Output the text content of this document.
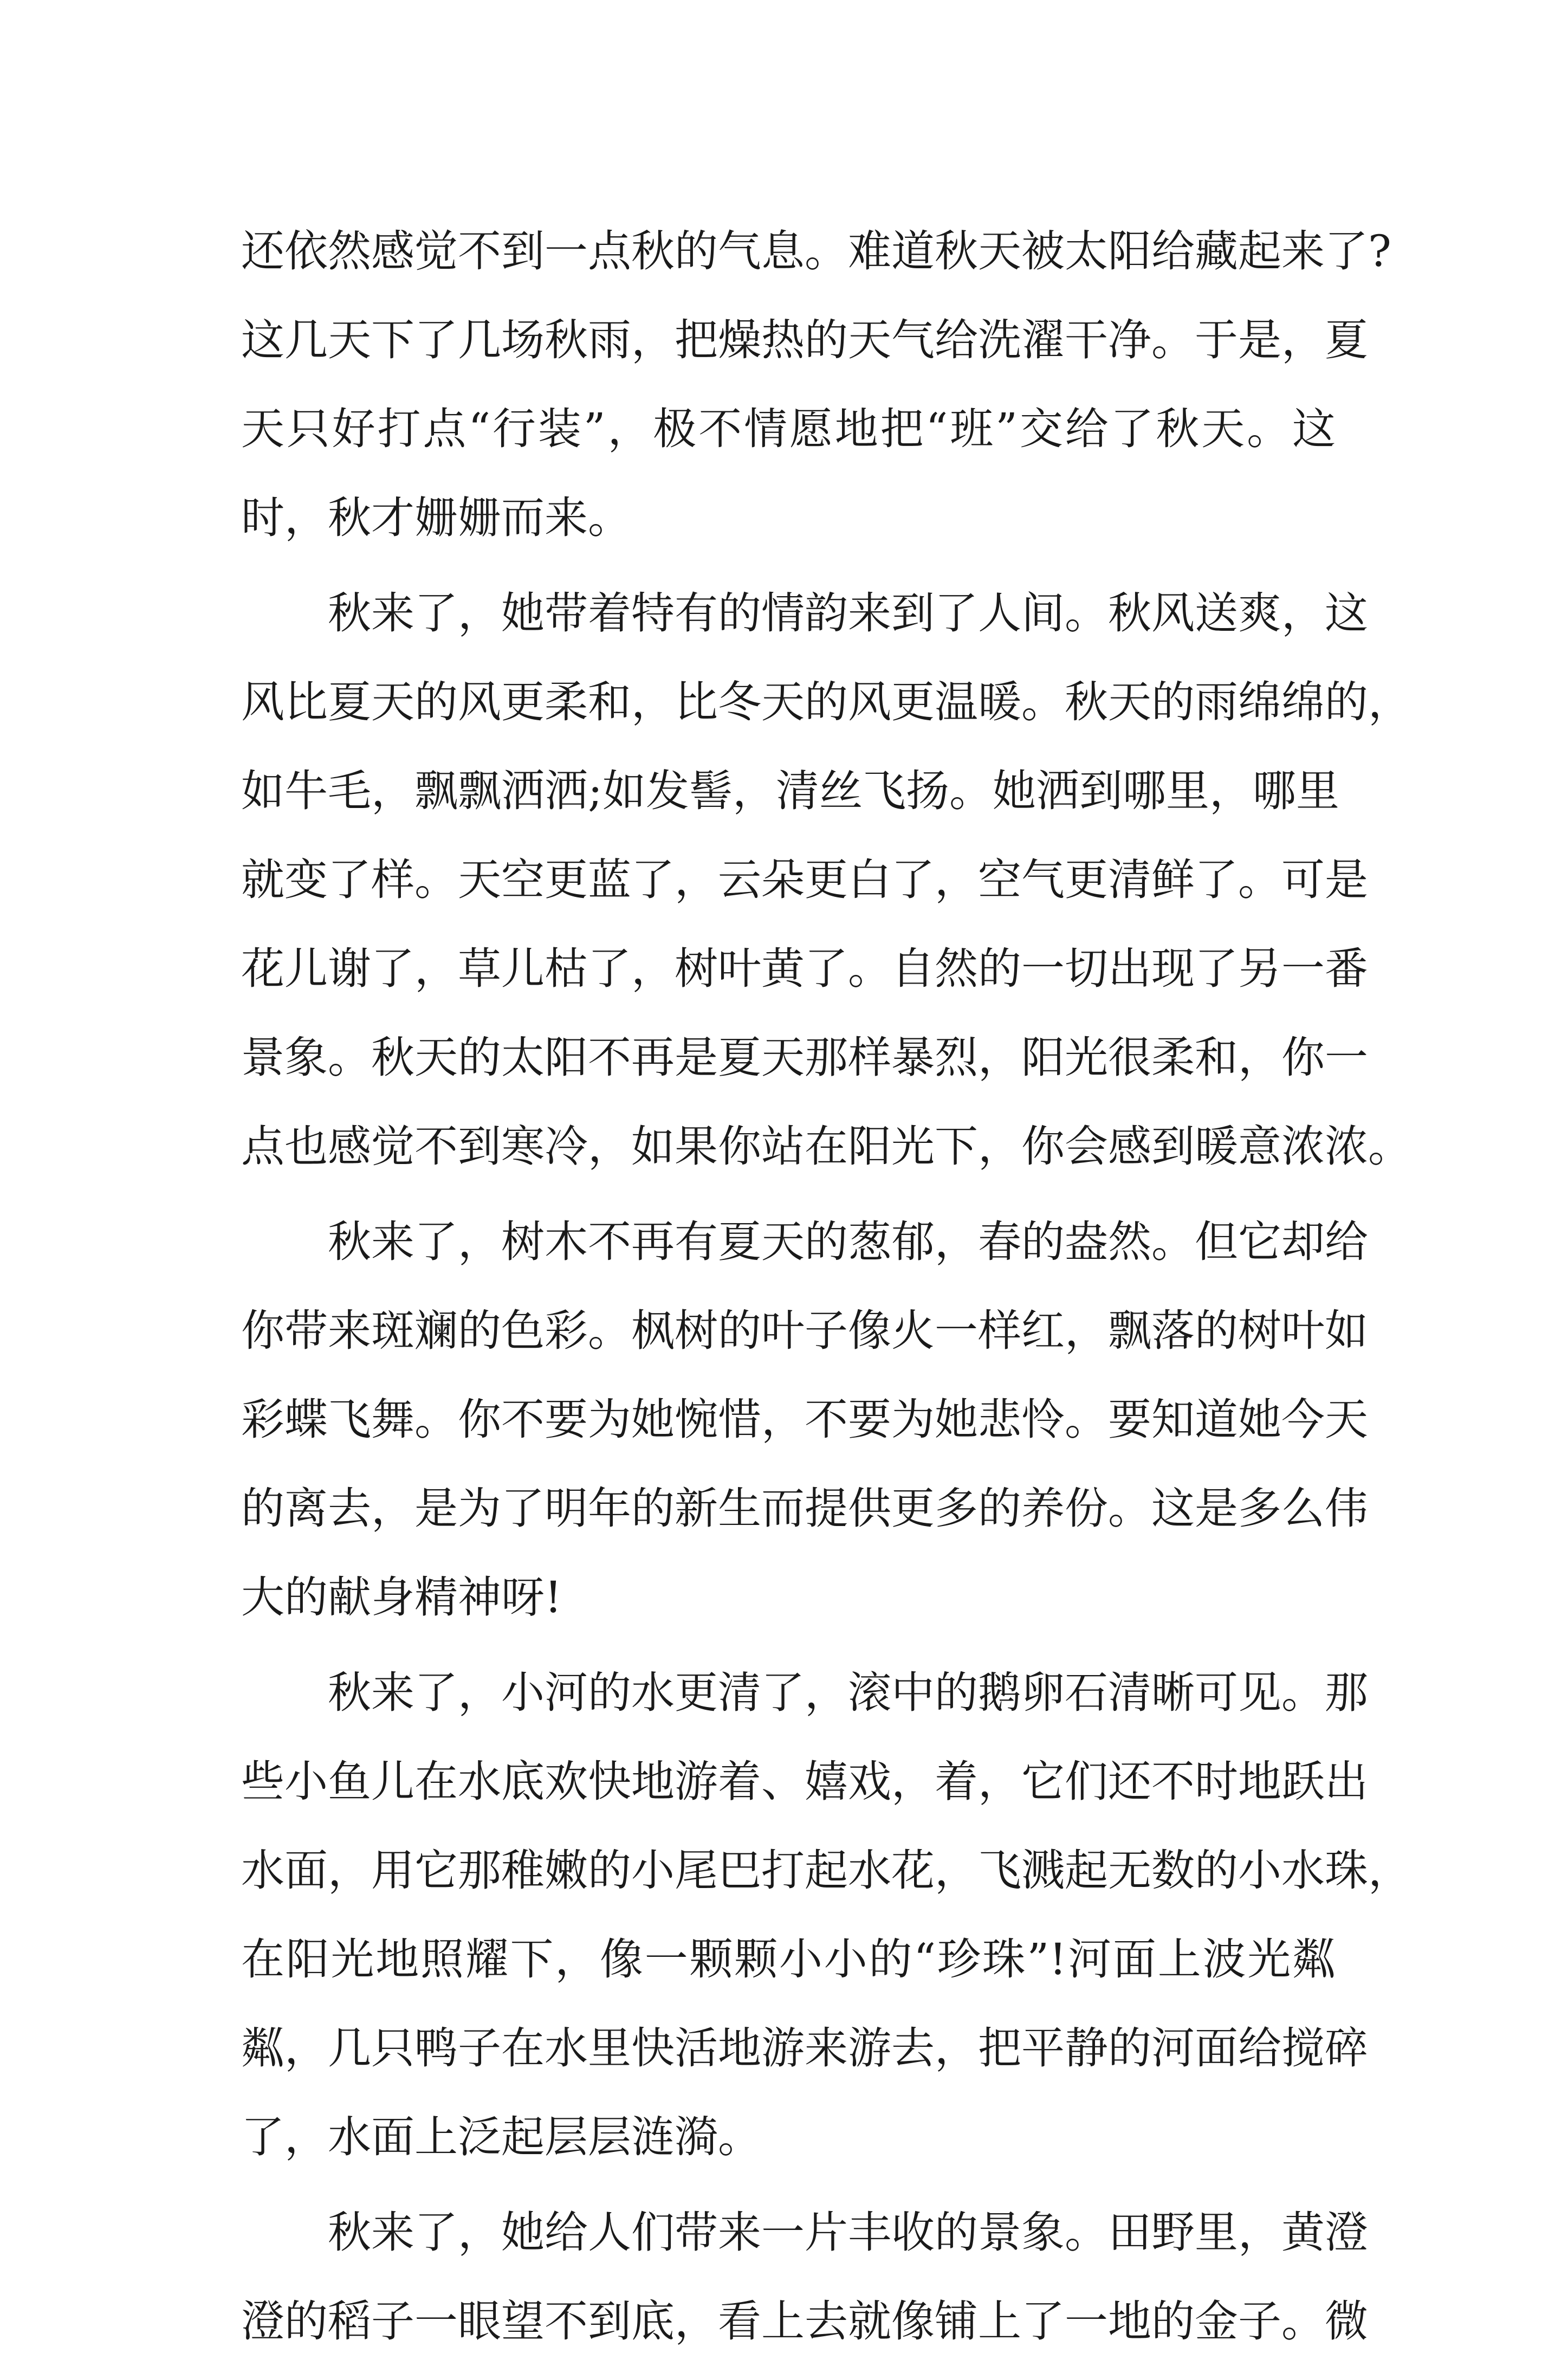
还依然感觉不到一点秋的气息。难道秋天被太阳给藏起来了?
这几天下了几场秋雨，把燥热的天气给洗濯干净。于是，夏
天只好打点“行装”，极不情愿地把“班”交给了秋天。这
时，秋才姗姗而来。
秋来了，她带着特有的情韵来到了人间。秋风送爽，这
风比夏天的风更柔和，比冬天的风更温暖。秋天的雨绵绵的，
如牛毛，飘飘洒洒;如发髻，清丝飞扬。她洒到哪里，哪里
就变了样。天空更蓝了，云朵更白了，空气更清鲜了。可是
花儿谢了，草儿枯了，树叶黄了。自然的一切出现了另一番
景象。秋天的太阳不再是夏天那样暴烈，阳光很柔和，你一
点也感觉不到寒冷，如果你站在阳光下，你会感到暖意浓浓。
秋来了，树木不再有夏天的葱郁，春的盎然。但它却给
你带来斑斓的色彩。枫树的叶子像火一样红，飘落的树叶如
彩蝶飞舞。你不要为她惋惜，不要为她悲怜。要知道她今天
的离去，是为了明年的新生而提供更多的养份。这是多么伟
大的献身精神呀!
秋来了，小河的水更清了，滚中的鹅卵石清晰可见。那
些小鱼儿在水底欢快地游着、嬉戏，着，它们还不时地跃出
水面，用它那稚嫩的小尾巴打起水花，飞溅起无数的小水珠，
在阳光地照耀下，像一颗颗小小的“珍珠”!河面上波光粼
粼，几只鸭子在水里快活地游来游去，把平静的河面给搅碎
了，水面上泛起层层涟漪。
秋来了，她给人们带来一片丰收的景象。田野里，黄澄
澄的稻子一眼望不到底，看上去就像铺上了一地的金子。微
